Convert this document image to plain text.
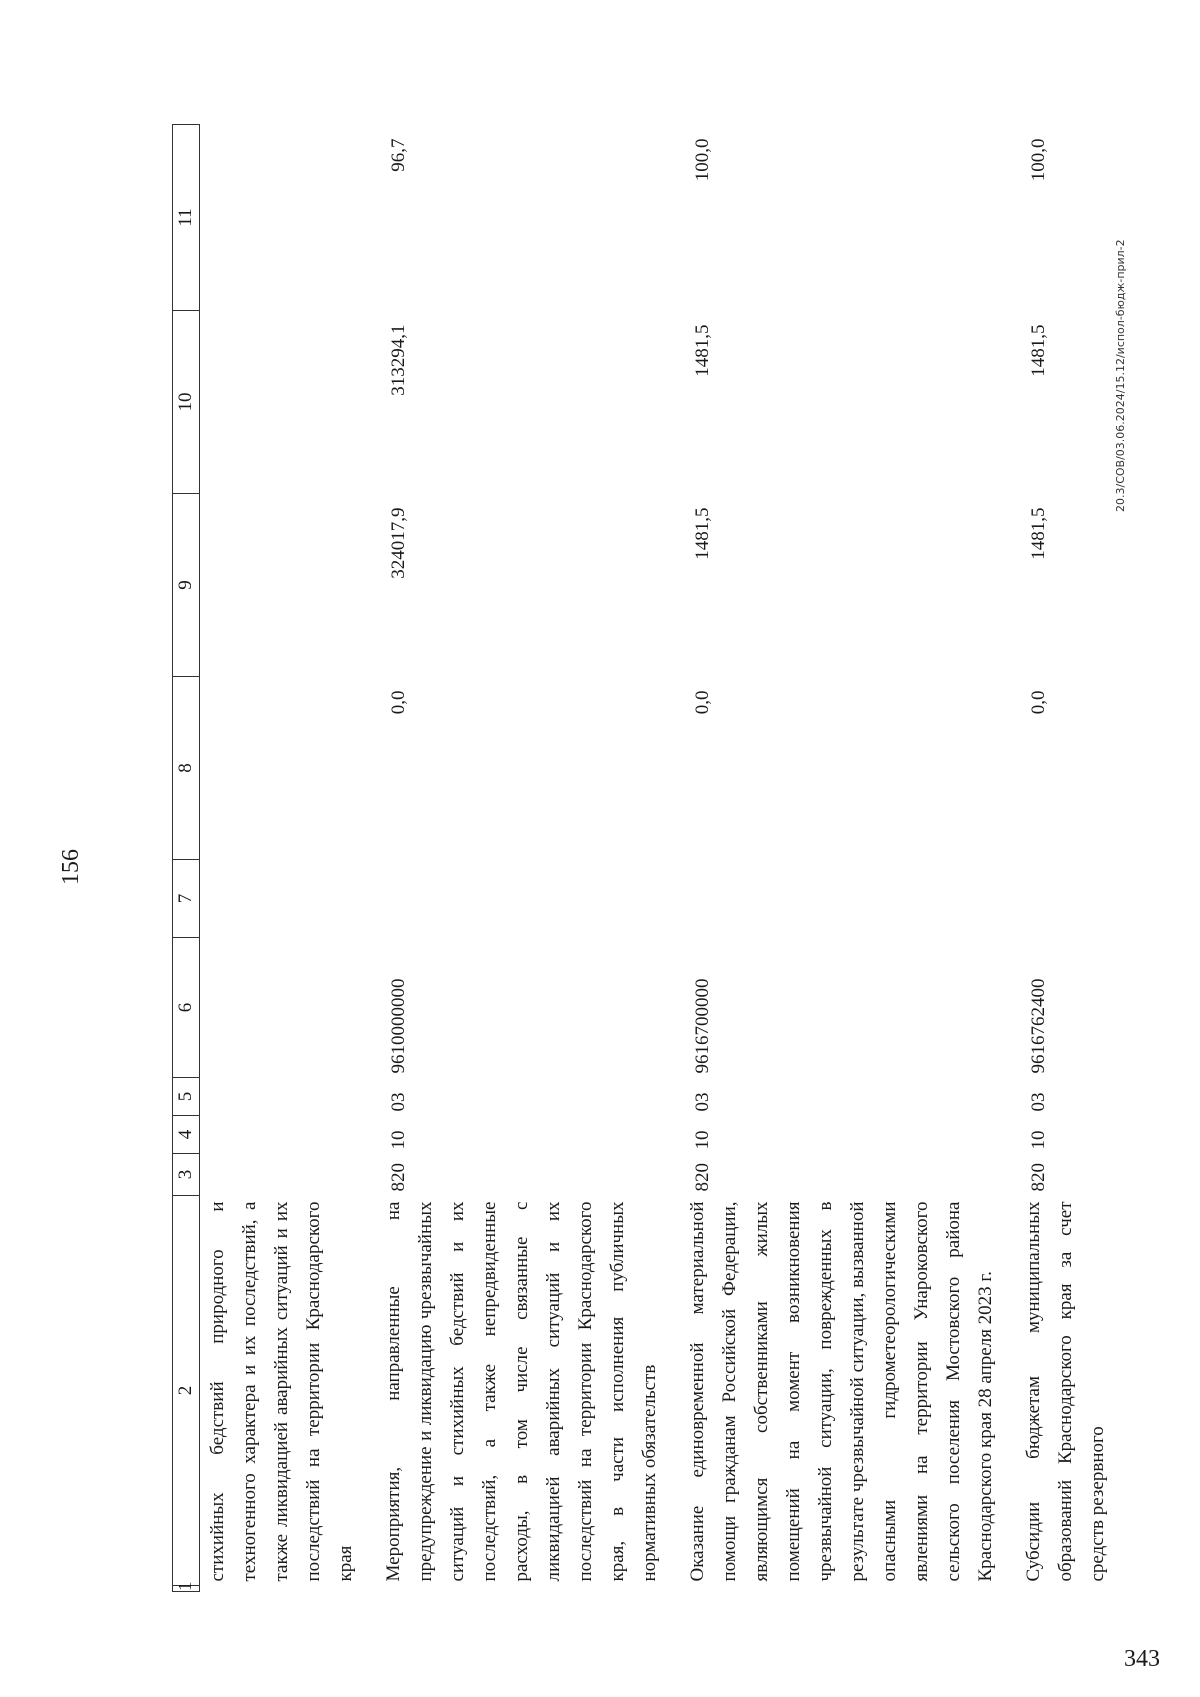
156
1	2	3	4	5	6	7	8	9	10	11
	стихийных бедствий природного и техногенного характера и их последствий, а также ликвидацией аварийных ситуаций и их последствий на территории Краснодарского края									
	Мероприятия, направленные на предупреждение и ликвидацию чрезвычайных ситуаций и стихийных бедствий и их последствий, а также непредвиденные расходы, в том числе связанные с ликвидацией аварийных ситуаций и их последствий на территории Краснодарского края, в части исполнения публичных нормативных обязательств	820	10	03	9610000000		0,0	324017,9	313294,1	96,7
	Оказание единовременной материальной помощи гражданам Российской Федерации, являющимся собственниками жилых помещений на момент возникновения чрезвычайной ситуации, поврежденных в результате чрезвычайной ситуации, вызванной опасными гидрометеорологическими явлениями на территории Унароковского сельского поселения Мостовского района Краснодарского края 28 апреля 2023 г.	820	10	03	9616700000		0,0	1481,5	1481,5	100,0
	Субсидии бюджетам муниципальных образований Краснодарского края за счет средств резервного	820	10	03	9616762400		0,0	1481,5	1481,5	100,0
20.3/СОВ/03.06.2024/15.12/испол-бюдж-прил-2
343
